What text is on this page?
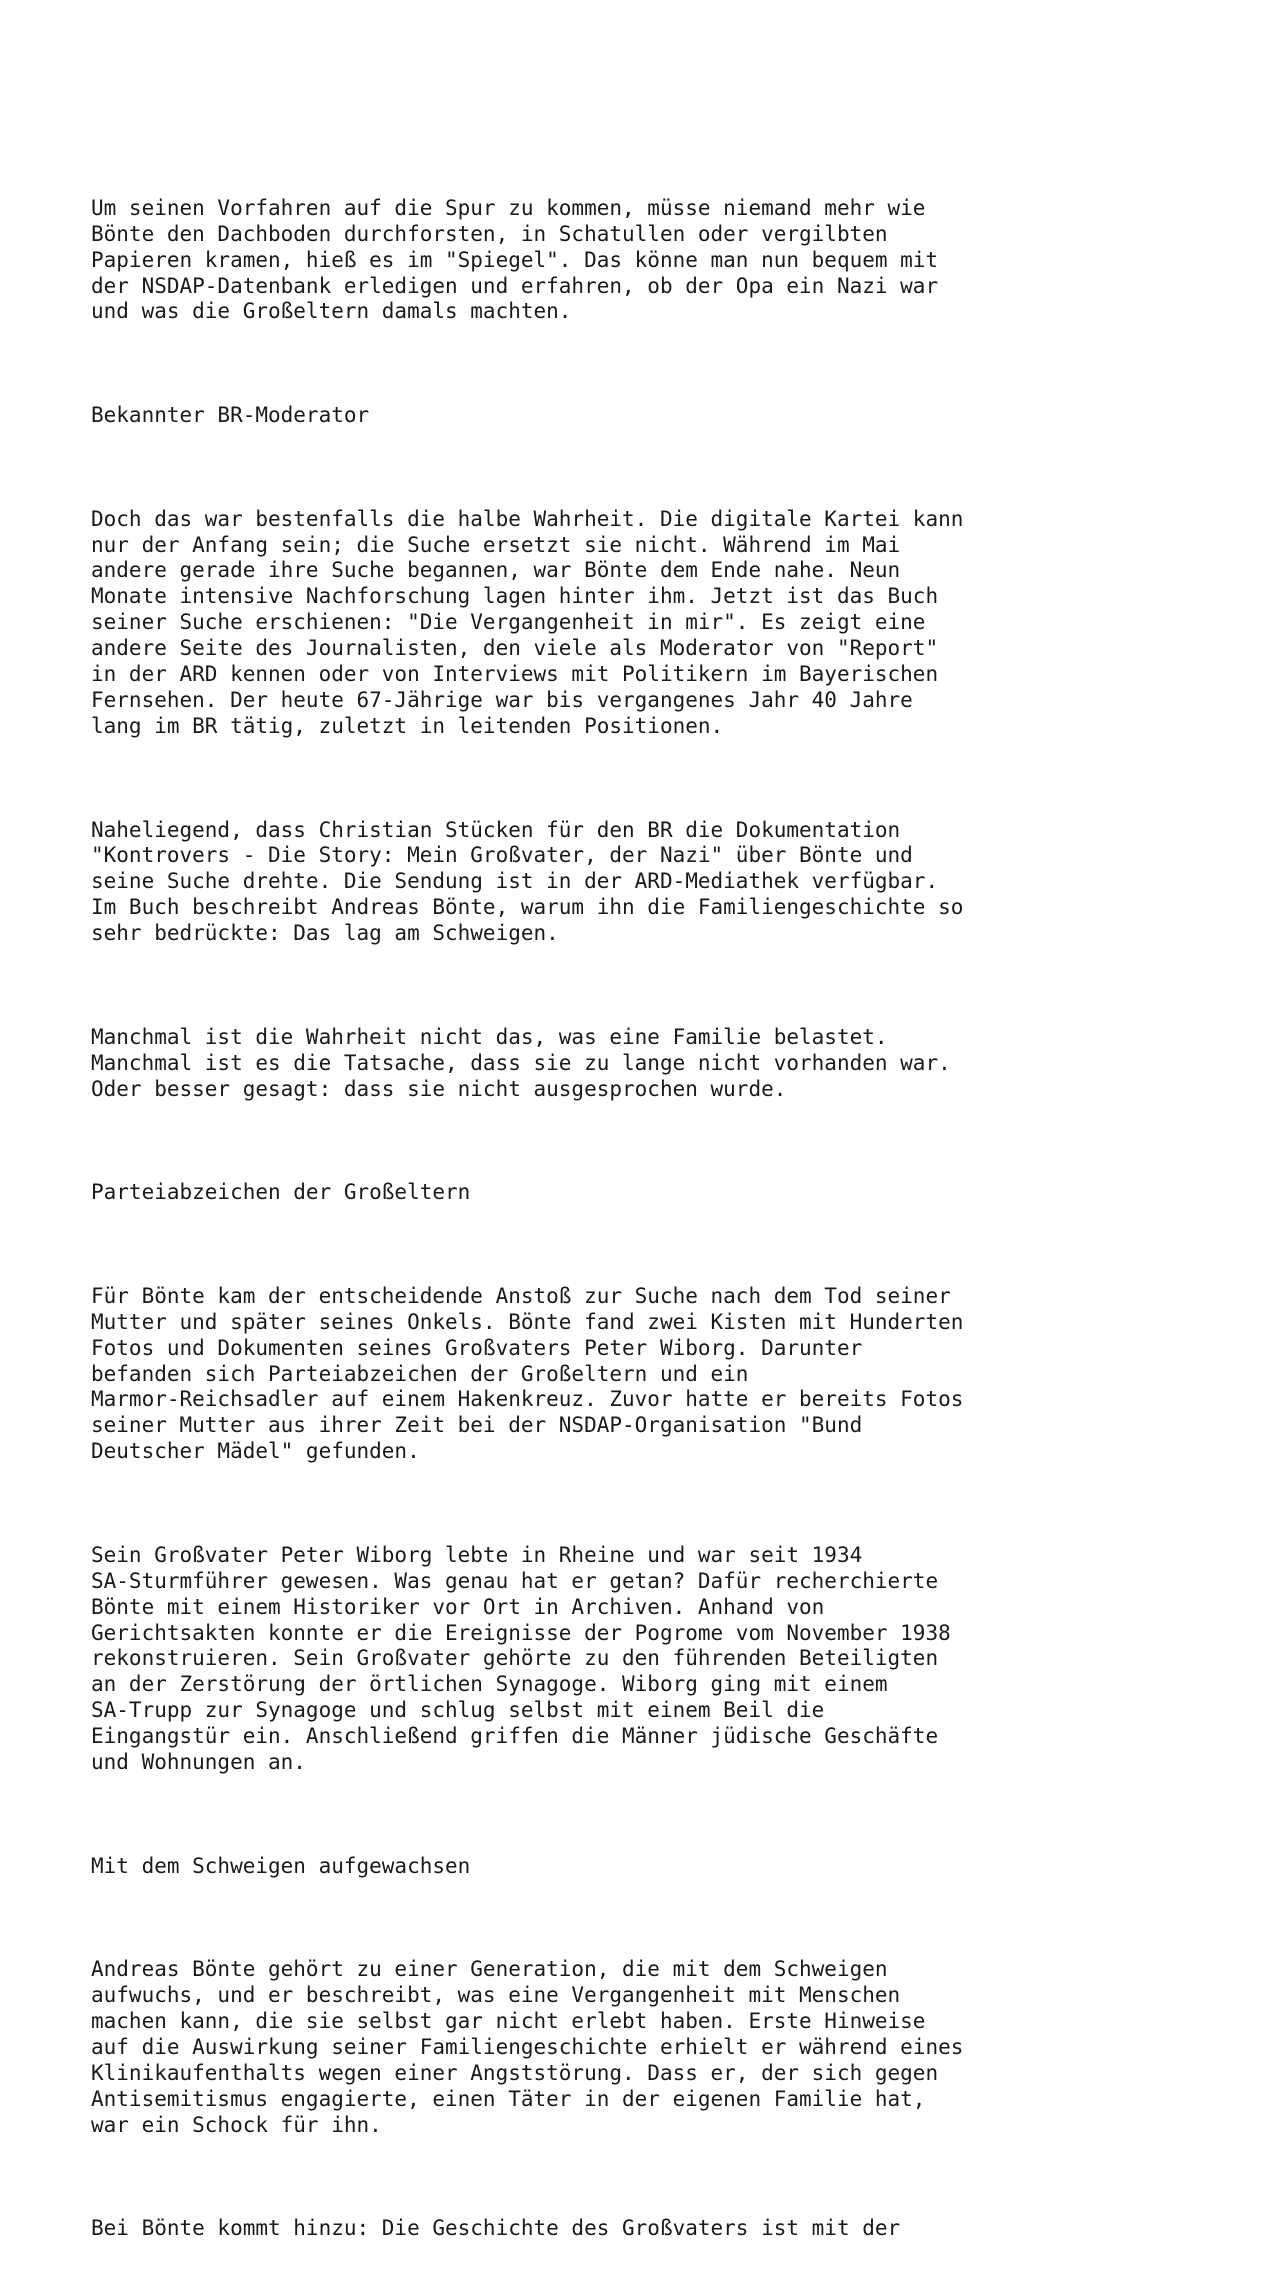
Um seinen Vorfahren auf die Spur zu kommen, müsse niemand mehr wie
Bönte den Dachboden durchforsten, in Schatullen oder vergilbten
Papieren kramen, hieß es im "Spiegel". Das könne man nun bequem mit
der NSDAP-Datenbank erledigen und erfahren, ob der Opa ein Nazi war
und was die Großeltern damals machten.

Bekannter BR-Moderator

Doch das war bestenfalls die halbe Wahrheit. Die digitale Kartei kann
nur der Anfang sein; die Suche ersetzt sie nicht. Während im Mai
andere gerade ihre Suche begannen, war Bönte dem Ende nahe. Neun
Monate intensive Nachforschung lagen hinter ihm. Jetzt ist das Buch
seiner Suche erschienen: "Die Vergangenheit in mir". Es zeigt eine
andere Seite des Journalisten, den viele als Moderator von "Report"
in der ARD kennen oder von Interviews mit Politikern im Bayerischen
Fernsehen. Der heute 67-Jährige war bis vergangenes Jahr 40 Jahre
lang im BR tätig, zuletzt in leitenden Positionen.

Naheliegend, dass Christian Stücken für den BR die Dokumentation
"Kontrovers - Die Story: Mein Großvater, der Nazi" über Bönte und
seine Suche drehte. Die Sendung ist in der ARD-Mediathek verfügbar.
Im Buch beschreibt Andreas Bönte, warum ihn die Familiengeschichte so
sehr bedrückte: Das lag am Schweigen.

Manchmal ist die Wahrheit nicht das, was eine Familie belastet.
Manchmal ist es die Tatsache, dass sie zu lange nicht vorhanden war.
Oder besser gesagt: dass sie nicht ausgesprochen wurde.

Parteiabzeichen der Großeltern

Für Bönte kam der entscheidende Anstoß zur Suche nach dem Tod seiner
Mutter und später seines Onkels. Bönte fand zwei Kisten mit Hunderten
Fotos und Dokumenten seines Großvaters Peter Wiborg. Darunter
befanden sich Parteiabzeichen der Großeltern und ein
Marmor-Reichsadler auf einem Hakenkreuz. Zuvor hatte er bereits Fotos
seiner Mutter aus ihrer Zeit bei der NSDAP-Organisation "Bund
Deutscher Mädel" gefunden.

Sein Großvater Peter Wiborg lebte in Rheine und war seit 1934
SA-Sturmführer gewesen. Was genau hat er getan? Dafür recherchierte
Bönte mit einem Historiker vor Ort in Archiven. Anhand von
Gerichtsakten konnte er die Ereignisse der Pogrome vom November 1938
rekonstruieren. Sein Großvater gehörte zu den führenden Beteiligten
an der Zerstörung der örtlichen Synagoge. Wiborg ging mit einem
SA-Trupp zur Synagoge und schlug selbst mit einem Beil die
Eingangstür ein. Anschließend griffen die Männer jüdische Geschäfte
und Wohnungen an.

Mit dem Schweigen aufgewachsen

Andreas Bönte gehört zu einer Generation, die mit dem Schweigen
aufwuchs, und er beschreibt, was eine Vergangenheit mit Menschen
machen kann, die sie selbst gar nicht erlebt haben. Erste Hinweise
auf die Auswirkung seiner Familiengeschichte erhielt er während eines
Klinikaufenthalts wegen einer Angststörung. Dass er, der sich gegen
Antisemitismus engagierte, einen Täter in der eigenen Familie hat,
war ein Schock für ihn.

Bei Bönte kommt hinzu: Die Geschichte des Großvaters ist mit der
